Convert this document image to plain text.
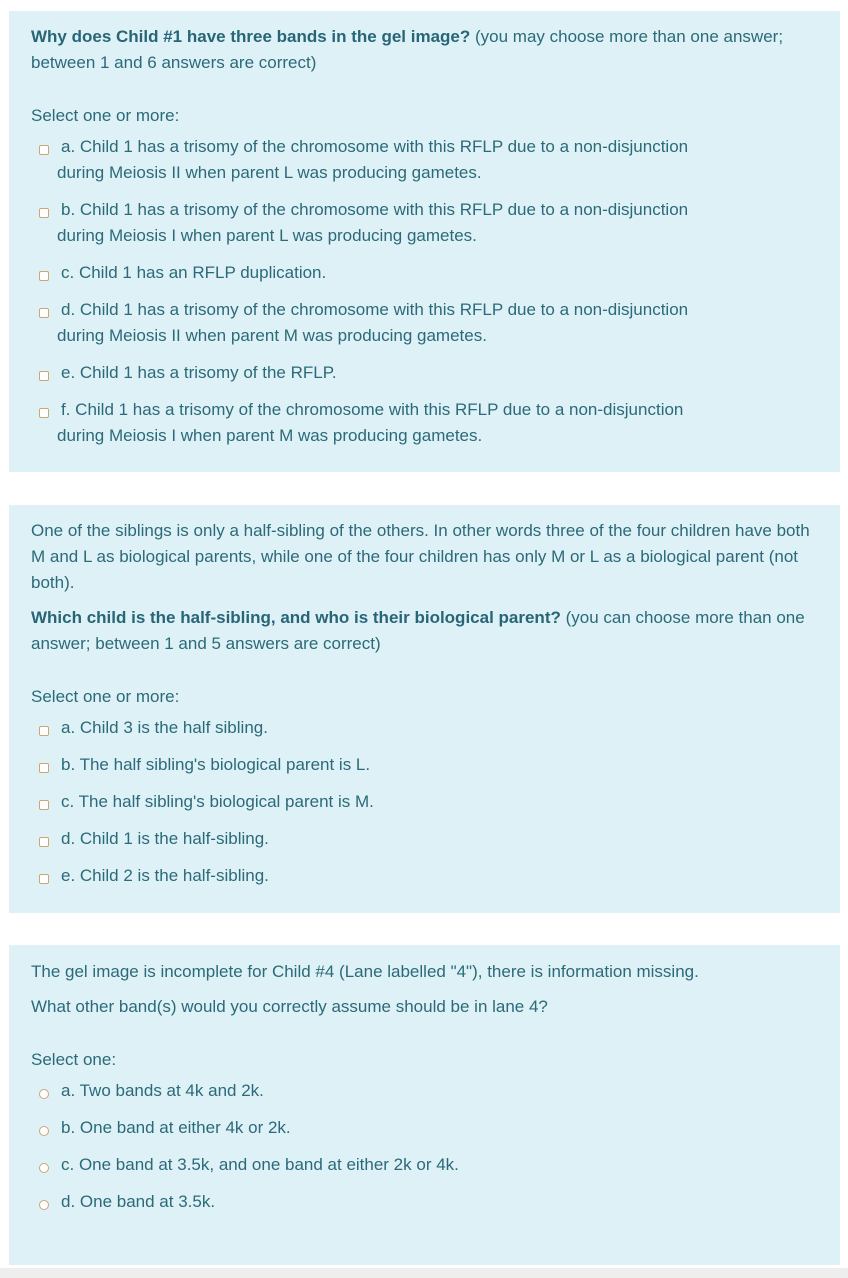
Why does Child #1 have three bands in the gel image? (you may choose more than one answer; between 1 and 6 answers are correct)

Select one or more:
a. Child 1 has a trisomy of the chromosome with this RFLP due to a non-disjunction
during Meiosis II when parent L was producing gametes.
b. Child 1 has a trisomy of the chromosome with this RFLP due to a non-disjunction
during Meiosis I when parent L was producing gametes.
c. Child 1 has an RFLP duplication.
d. Child 1 has a trisomy of the chromosome with this RFLP due to a non-disjunction
during Meiosis II when parent M was producing gametes.
e. Child 1 has a trisomy of the RFLP.
f. Child 1 has a trisomy of the chromosome with this RFLP due to a non-disjunction
during Meiosis I when parent M was producing gametes.

One of the siblings is only a half-sibling of the others. In other words three of the four children have both M and L as biological parents, while one of the four children has only M or L as a biological parent (not both).

Which child is the half-sibling, and who is their biological parent? (you can choose more than one answer; between 1 and 5 answers are correct)

Select one or more:
a. Child 3 is the half sibling.
b. The half sibling's biological parent is L.
c. The half sibling's biological parent is M.
d. Child 1 is the half-sibling.
e. Child 2 is the half-sibling.

The gel image is incomplete for Child #4 (Lane labelled "4"), there is information missing.

What other band(s) would you correctly assume should be in lane 4?

Select one:
a. Two bands at 4k and 2k.
b. One band at either 4k or 2k.
c. One band at 3.5k, and one band at either 2k or 4k.
d. One band at 3.5k.
